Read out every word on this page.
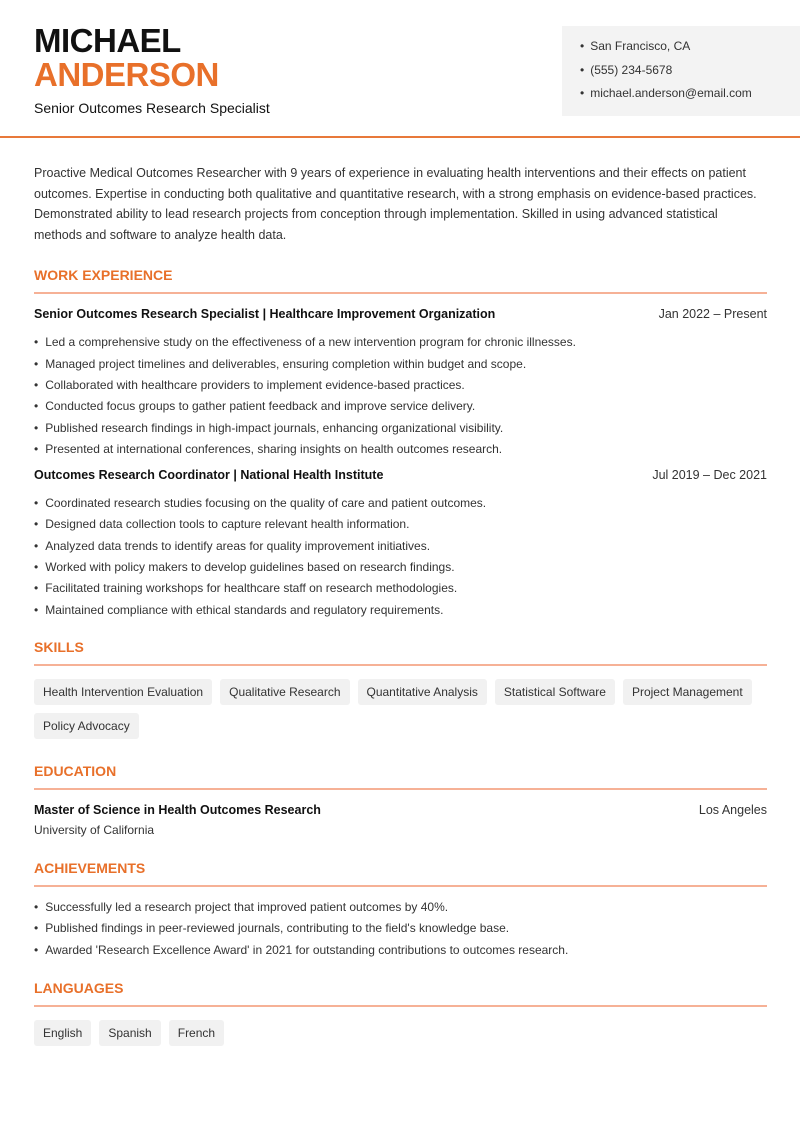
MICHAEL
ANDERSON
Senior Outcomes Research Specialist
• San Francisco, CA
• (555) 234-5678
• michael.anderson@email.com

Proactive Medical Outcomes Researcher with 9 years of experience in evaluating health interventions and their effects on patient outcomes. Expertise in conducting both qualitative and quantitative research, with a strong emphasis on evidence-based practices. Demonstrated ability to lead research projects from conception through implementation. Skilled in using advanced statistical methods and software to analyze health data.

WORK EXPERIENCE
Senior Outcomes Research Specialist | Healthcare Improvement Organization	Jan 2022 – Present
• Led a comprehensive study on the effectiveness of a new intervention program for chronic illnesses.
• Managed project timelines and deliverables, ensuring completion within budget and scope.
• Collaborated with healthcare providers to implement evidence-based practices.
• Conducted focus groups to gather patient feedback and improve service delivery.
• Published research findings in high-impact journals, enhancing organizational visibility.
• Presented at international conferences, sharing insights on health outcomes research.
Outcomes Research Coordinator | National Health Institute	Jul 2019 – Dec 2021
• Coordinated research studies focusing on the quality of care and patient outcomes.
• Designed data collection tools to capture relevant health information.
• Analyzed data trends to identify areas for quality improvement initiatives.
• Worked with policy makers to develop guidelines based on research findings.
• Facilitated training workshops for healthcare staff on research methodologies.
• Maintained compliance with ethical standards and regulatory requirements.
SKILLS
Health Intervention Evaluation	Qualitative Research	Quantitative Analysis	Statistical Software	Project Management
Policy Advocacy
EDUCATION
Master of Science in Health Outcomes Research	Los Angeles
University of California
ACHIEVEMENTS
• Successfully led a research project that improved patient outcomes by 40%.
• Published findings in peer-reviewed journals, contributing to the field's knowledge base.
• Awarded 'Research Excellence Award' in 2021 for outstanding contributions to outcomes research.
LANGUAGES
English	Spanish	French
